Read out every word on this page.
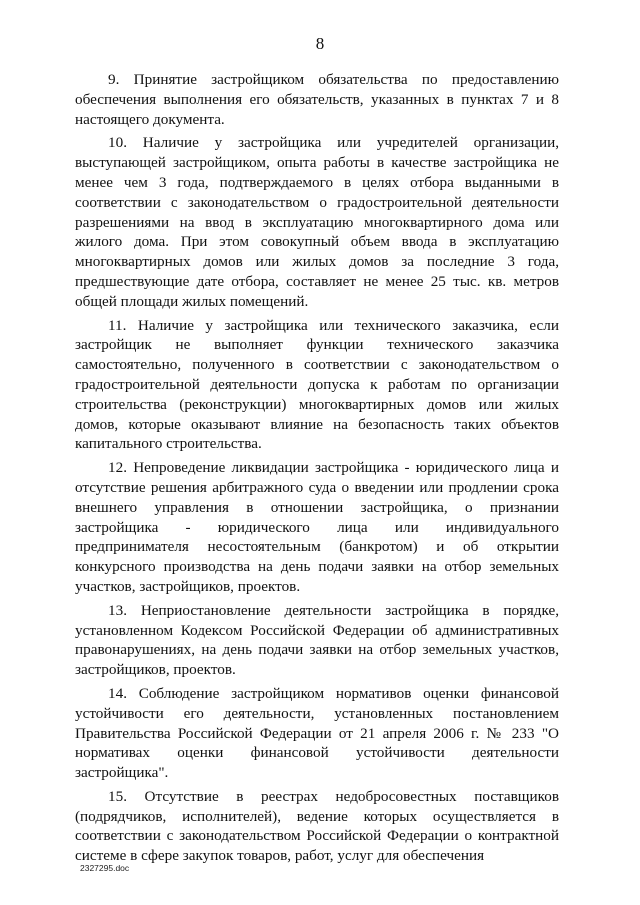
8

9. Принятие застройщиком обязательства по предоставлению обеспечения выполнения его обязательств, указанных в пунктах 7 и 8 настоящего документа.

10. Наличие у застройщика или учредителей организации, выступающей застройщиком, опыта работы в качестве застройщика не менее чем 3 года, подтверждаемого в целях отбора выданными в соответствии с законодательством о градостроительной деятельности разрешениями на ввод в эксплуатацию многоквартирного дома или жилого дома. При этом совокупный объем ввода в эксплуатацию многоквартирных домов или жилых домов за последние 3 года, предшествующие дате отбора, составляет не менее 25 тыс. кв. метров общей площади жилых помещений.

11. Наличие у застройщика или технического заказчика, если застройщик не выполняет функции технического заказчика самостоятельно, полученного в соответствии с законодательством о градостроительной деятельности допуска к работам по организации строительства (реконструкции) многоквартирных домов или жилых домов, которые оказывают влияние на безопасность таких объектов капитального строительства.

12. Непроведение ликвидации застройщика - юридического лица и отсутствие решения арбитражного суда о введении или продлении срока внешнего управления в отношении застройщика, о признании застройщика - юридического лица или индивидуального предпринимателя несостоятельным (банкротом) и об открытии конкурсного производства на день подачи заявки на отбор земельных участков, застройщиков, проектов.

13. Неприостановление деятельности застройщика в порядке, установленном Кодексом Российской Федерации об административных правонарушениях, на день подачи заявки на отбор земельных участков, застройщиков, проектов.

14. Соблюдение застройщиком нормативов оценки финансовой устойчивости его деятельности, установленных постановлением Правительства Российской Федерации от 21 апреля 2006 г. № 233 "О нормативах оценки финансовой устойчивости деятельности застройщика".

15. Отсутствие в реестрах недобросовестных поставщиков (подрядчиков, исполнителей), ведение которых осуществляется в соответствии с законодательством Российской Федерации о контрактной системе в сфере закупок товаров, работ, услуг для обеспечения

2327295.doc
